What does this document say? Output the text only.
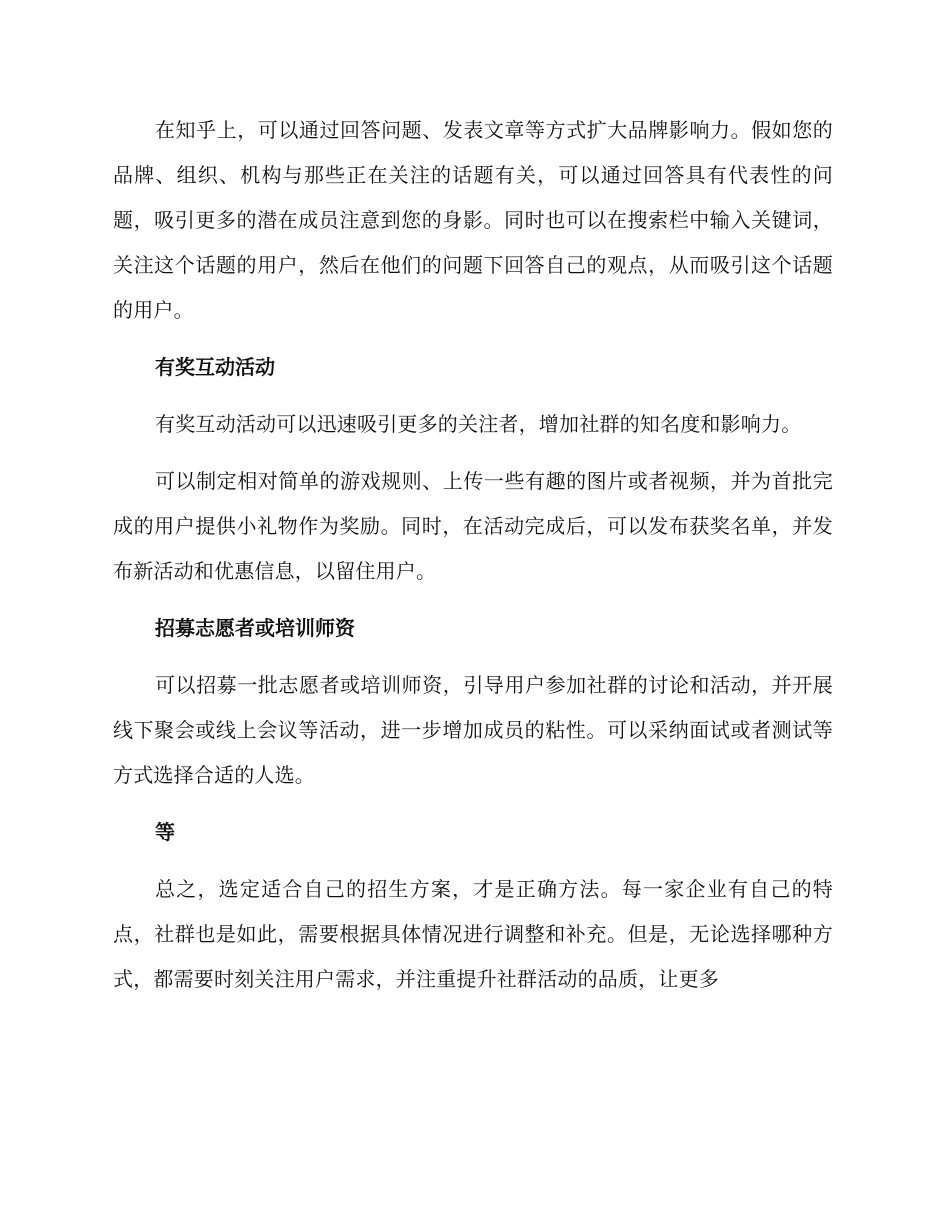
在知乎上，可以通过回答问题、发表文章等方式扩大品牌影响力。假如您的品牌、组织、机构与那些正在关注的话题有关，可以通过回答具有代表性的问题，吸引更多的潜在成员注意到您的身影。同时也可以在搜索栏中输入关键词，关注这个话题的用户，然后在他们的问题下回答自己的观点，从而吸引这个话题的用户。

有奖互动活动

有奖互动活动可以迅速吸引更多的关注者，增加社群的知名度和影响力。

可以制定相对简单的游戏规则、上传一些有趣的图片或者视频，并为首批完成的用户提供小礼物作为奖励。同时，在活动完成后，可以发布获奖名单，并发布新活动和优惠信息，以留住用户。

招募志愿者或培训师资

可以招募一批志愿者或培训师资，引导用户参加社群的讨论和活动，并开展线下聚会或线上会议等活动，进一步增加成员的粘性。可以采纳面试或者测试等方式选择合适的人选。

等

总之，选定适合自己的招生方案，才是正确方法。每一家企业有自己的特点，社群也是如此，需要根据具体情况进行调整和补充。但是，无论选择哪种方式，都需要时刻关注用户需求，并注重提升社群活动的品质，让更多
